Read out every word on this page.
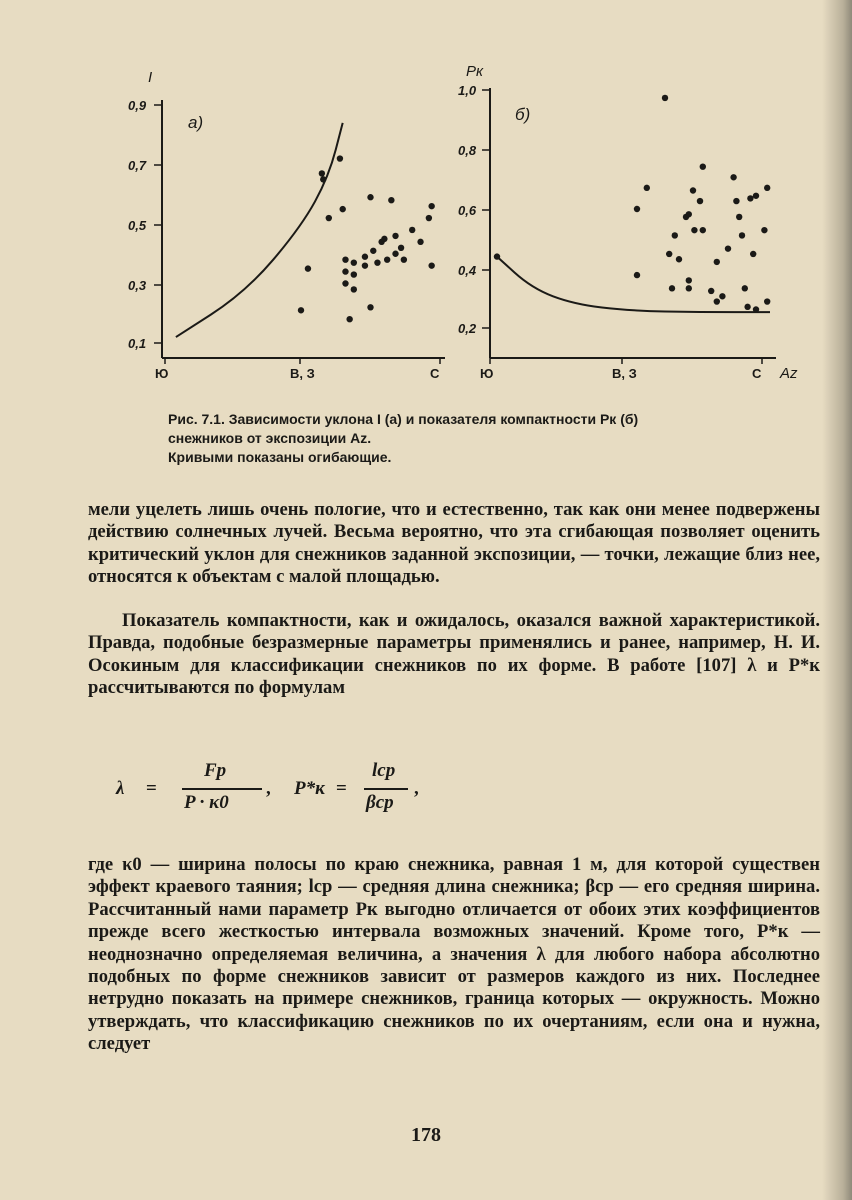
I
а)
0,1
0,3
0,5
0,7
0,9
Ю	В, З	С
Pк
б)
Az
0,2
0,4
0,6
0,8
1,0
Ю	В, З	С
Рис. 7.1. Зависимости уклона I (а) и показателя компактности Pк (б)
снежников от экспозиции Az.
Кривыми показаны огибающие.

мели уцелеть лишь очень пологие, что и естественно, так как они менее подвержены действию солнечных лучей. Весьма вероятно, что эта сгибающая позволяет оценить критический уклон для снежников заданной экспозиции, — точки, лежащие близ нее, относятся к объектам с малой площадью.

Показатель компактности, как и ожидалось, оказался важной характеристикой. Правда, подобные безразмерные параметры применялись и ранее, например, Н. И. Осокиным для классификации снежников по их форме. В работе [107] λ и P*к рассчитываются по формулам

λ =
Fp
P · κ0
, P*к =
lср
βср
,

где κ0 — ширина полосы по краю снежника, равная 1 м, для которой существен эффект краевого таяния; lср — средняя длина снежника; βср — его средняя ширина. Рассчитанный нами параметр Pк выгодно отличается от обоих этих коэффициентов прежде всего жесткостью интервала возможных значений. Кроме того, P*к — неоднозначно определяемая величина, а значения λ для любого набора абсолютно подобных по форме снежников зависит от размеров каждого из них. Последнее нетрудно показать на примере снежников, граница которых — окружность. Можно утверждать, что классификацию снежников по их очертаниям, если она и нужна, следует

178
